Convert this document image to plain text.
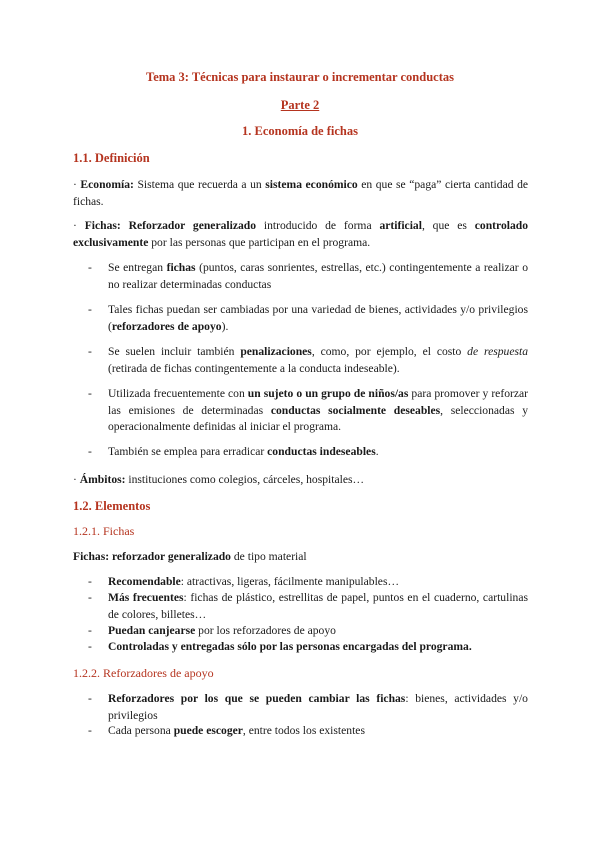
Tema 3: Técnicas para instaurar o incrementar conductas
Parte 2
1. Economía de fichas
1.1. Definición
· Economía: Sistema que recuerda a un sistema económico en que se “paga” cierta cantidad de fichas.
· Fichas: Reforzador generalizado introducido de forma artificial, que es controlado exclusivamente por las personas que participan en el programa.
-	Se entregan fichas (puntos, caras sonrientes, estrellas, etc.) contingentemente a realizar o no realizar determinadas conductas
-	Tales fichas puedan ser cambiadas por una variedad de bienes, actividades y/o privilegios (reforzadores de apoyo).
-	Se suelen incluir también penalizaciones, como, por ejemplo, el costo de respuesta (retirada de fichas contingentemente a la conducta indeseable).
-	Utilizada frecuentemente con un sujeto o un grupo de niños/as para promover y reforzar las emisiones de determinadas conductas socialmente deseables, seleccionadas y operacionalmente definidas al iniciar el programa.
-	También se emplea para erradicar conductas indeseables.
· Ámbitos: instituciones como colegios, cárceles, hospitales…
1.2. Elementos
1.2.1. Fichas
Fichas: reforzador generalizado de tipo material
-	Recomendable: atractivas, ligeras, fácilmente manipulables…
-	Más frecuentes: fichas de plástico, estrellitas de papel, puntos en el cuaderno, cartulinas de colores, billetes…
-	Puedan canjearse por los reforzadores de apoyo
-	Controladas y entregadas sólo por las personas encargadas del programa.
1.2.2. Reforzadores de apoyo
-	Reforzadores por los que se pueden cambiar las fichas: bienes, actividades y/o privilegios
-	Cada persona puede escoger, entre todos los existentes
